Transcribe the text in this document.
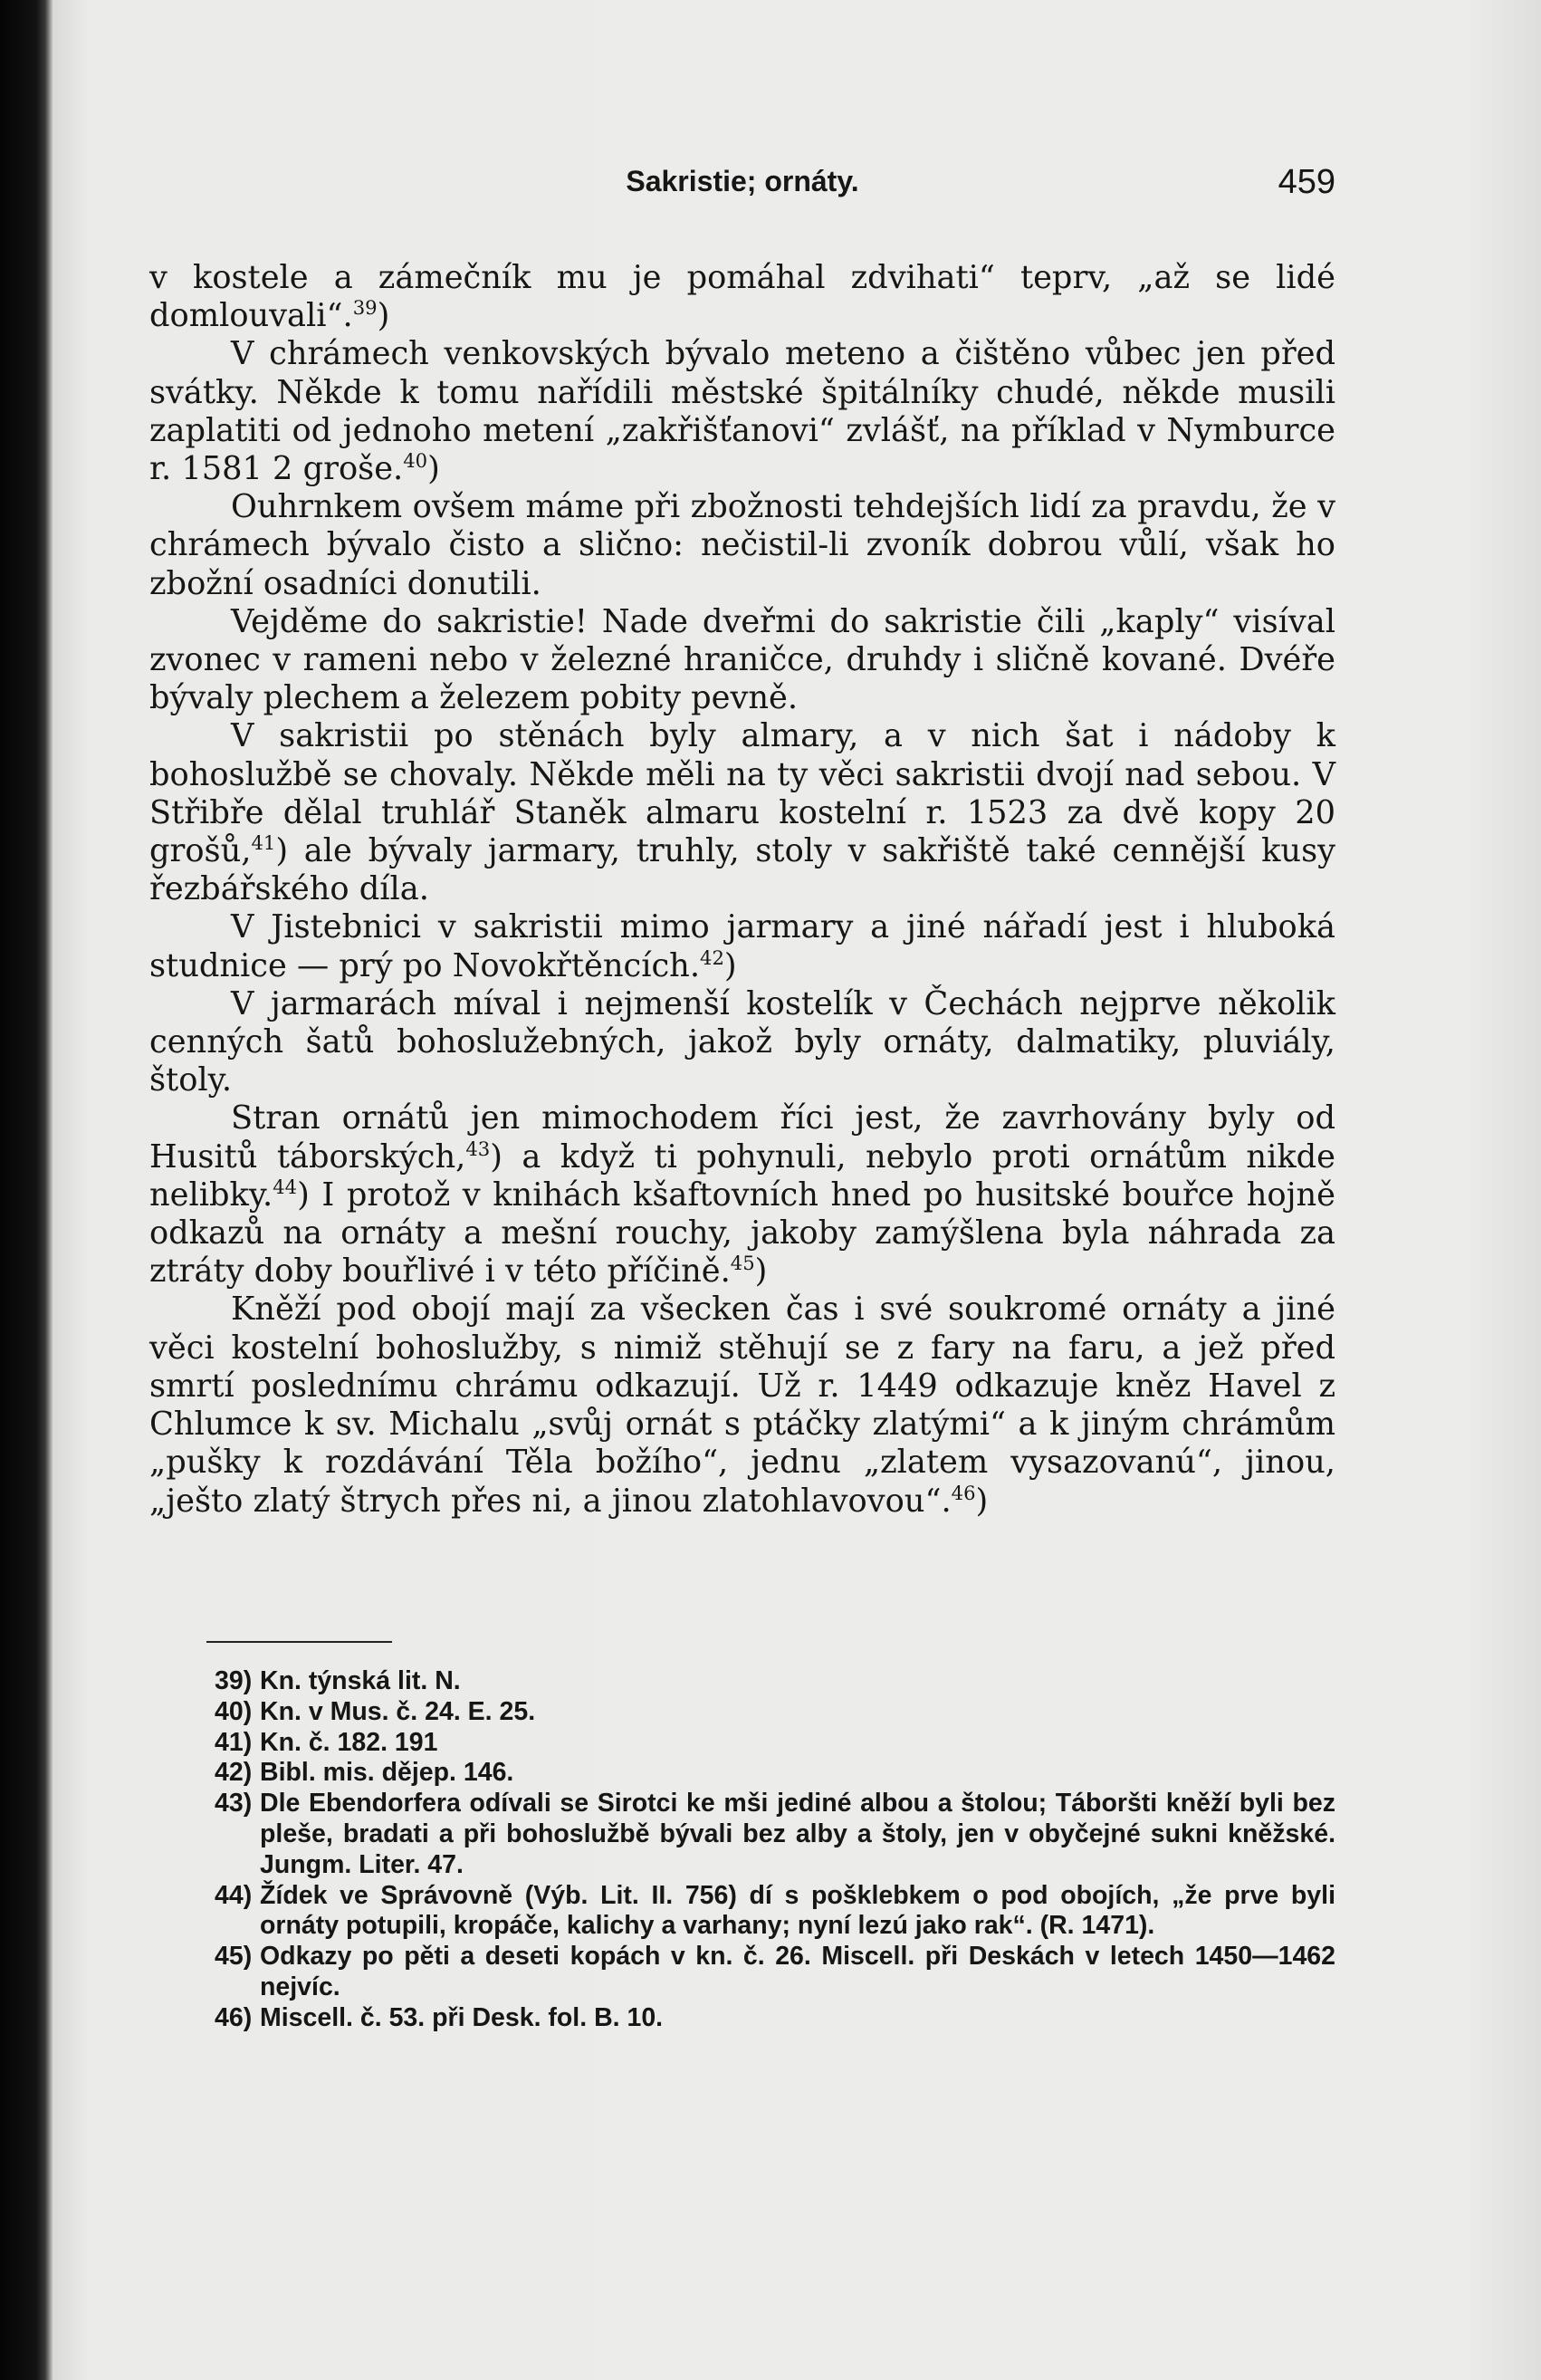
Sakristie; ornáty.	459

v kostele a zámečník mu je pomáhal zdvihati“ teprv, „až se lidé domlouvali“.$^{39}$)

V chrámech venkovských bývalo meteno a čištěno vůbec jen před svátky. Někde k tomu nařídili městské špitálníky chudé, někde musili zaplatiti od jednoho metení „zakřišťanovi“ zvlášť, na příklad v Nymburce r. 1581 2 groše.$^{40}$)

Ouhrnkem ovšem máme při zbožnosti tehdejších lidí za pravdu, že v chrámech bývalo čisto a slično: nečistil-li zvoník dobrou vůlí, však ho zbožní osadníci donutili.

Vejděme do sakristie! Nade dveřmi do sakristie čili „kaply“ visíval zvonec v rameni nebo v železné hraničce, druhdy i sličně kované. Dvéře bývaly plechem a železem pobity pevně.

V sakristii po stěnách byly almary, a v nich šat i nádoby k bohoslužbě se chovaly. Někde měli na ty věci sakristii dvojí nad sebou. V Střibře dělal truhlář Staněk almaru kostelní r. 1523 za dvě kopy 20 grošů,$^{41}$) ale bývaly jarmary, truhly, stoly v sakřiště také cennější kusy řezbářského díla.

V Jistebnici v sakristii mimo jarmary a jiné nářadí jest i hluboká studnice — prý po Novokřtěncích.$^{42}$)

V jarmarách míval i nejmenší kostelík v Čechách nejprve několik cenných šatů bohoslužebných, jakož byly ornáty, dalmatiky, pluviály, štoly.

Stran ornátů jen mimochodem říci jest, že zavrhovány byly od Husitů táborských,$^{43}$) a když ti pohynuli, nebylo proti ornátům nikde nelibky.$^{44}$) I protož v knihách kšaftovních hned po husitské bouřce hojně odkazů na ornáty a mešní rouchy, jakoby zamýšlena byla náhrada za ztráty doby bouřlivé i v této příčině.$^{45}$)

Kněží pod obojí mají za všecken čas i své soukromé ornáty a jiné věci kostelní bohoslužby, s nimiž stěhují se z fary na faru, a jež před smrtí poslednímu chrámu odkazují. Už r. 1449 odkazuje kněz Havel z Chlumce k sv. Michalu „svůj ornát s ptáčky zlatými“ a k jiným chrámům „pušky k rozdávání Těla božího“, jednu „zlatem vysazovanú“, jinou, „ješto zlatý štrych přes ni, a jinou zlatohlavovou“.$^{46}$)

39) Kn. týnská lit. N.

40) Kn. v Mus. č. 24. E. 25.

41) Kn. č. 182. 191

42) Bibl. mis. dějep. 146.

43) Dle Ebendorfera odívali se Sirotci ke mši jediné albou a štolou; Táboršti kněží byli bez pleše, bradati a při bohoslužbě bývali bez alby a štoly, jen v obyčejné sukni kněžské. Jungm. Liter. 47.

44) Žídek ve Správovně (Výb. Lit. II. 756) dí s pošklebkem o pod obojích, „že prve byli ornáty potupili, kropáče, kalichy a varhany; nyní lezú jako rak“. (R. 1471).

45) Odkazy po pěti a deseti kopách v kn. č. 26. Miscell. při Deskách v letech 1450—1462 nejvíc.

46) Miscell. č. 53. při Desk. fol. B. 10.
